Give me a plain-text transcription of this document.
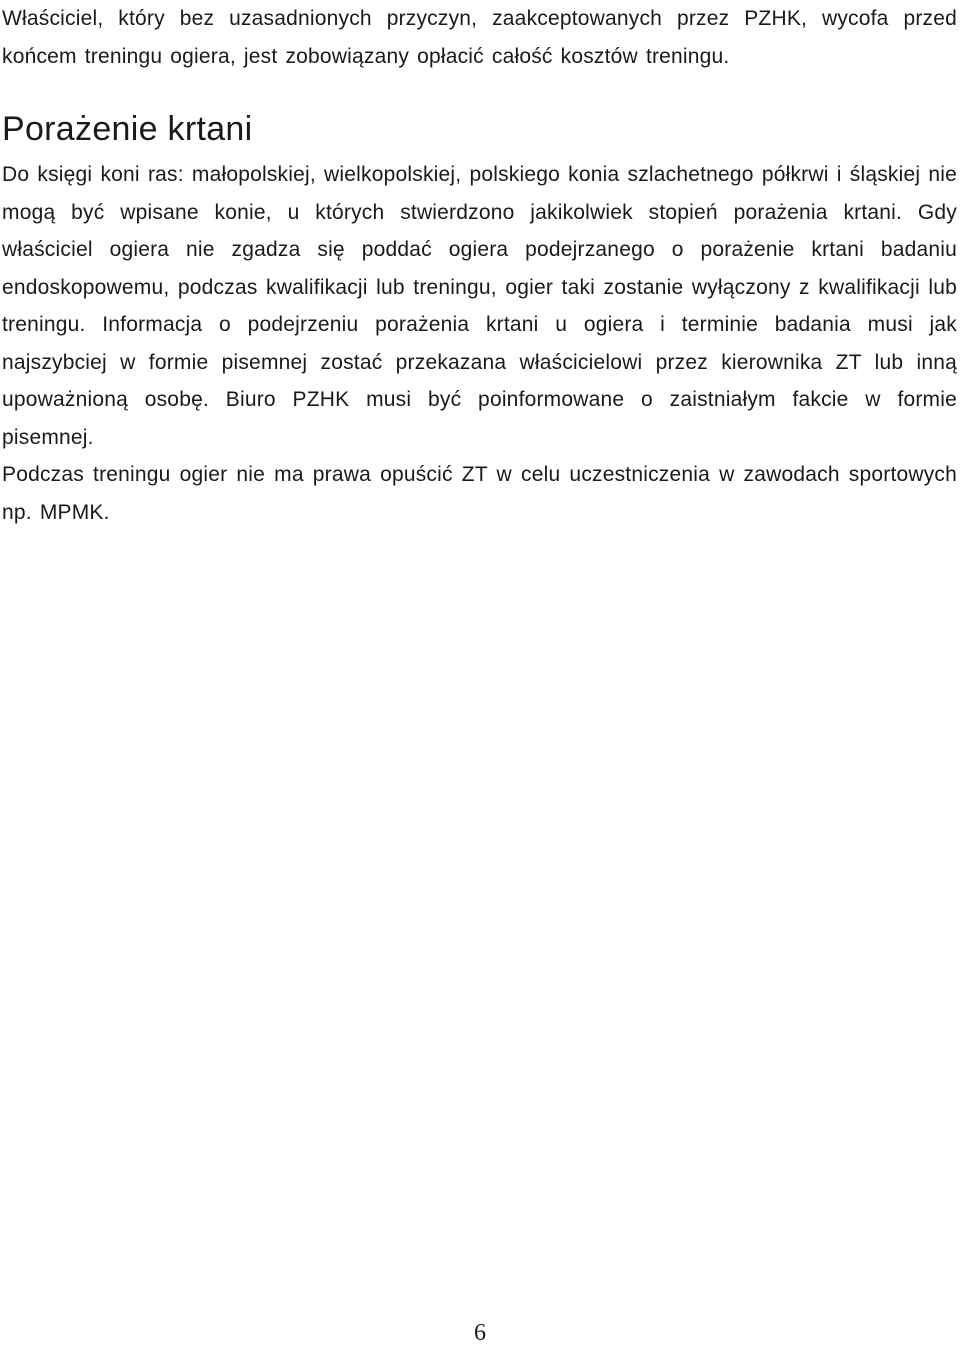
Właściciel, który bez uzasadnionych przyczyn, zaakceptowanych przez PZHK, wycofa przed końcem treningu ogiera, jest zobowiązany opłacić całość kosztów treningu.

Porażenie krtani

Do księgi koni ras: małopolskiej, wielkopolskiej, polskiego konia szlachetnego półkrwi i śląskiej nie mogą być wpisane konie, u których stwierdzono jakikolwiek stopień porażenia krtani. Gdy właściciel ogiera nie zgadza się poddać ogiera podejrzanego o porażenie krtani badaniu endoskopowemu, podczas kwalifikacji lub treningu, ogier taki zostanie wyłączony z kwalifikacji lub treningu. Informacja o podejrzeniu porażenia krtani u ogiera i terminie badania musi jak najszybciej w formie pisemnej zostać przekazana właścicielowi przez kierownika ZT lub inną upoważnioną osobę. Biuro PZHK musi być poinformowane o zaistniałym fakcie w formie pisemnej.

Podczas treningu ogier nie ma prawa opuścić ZT w celu uczestniczenia w zawodach sportowych np. MPMK.

6
